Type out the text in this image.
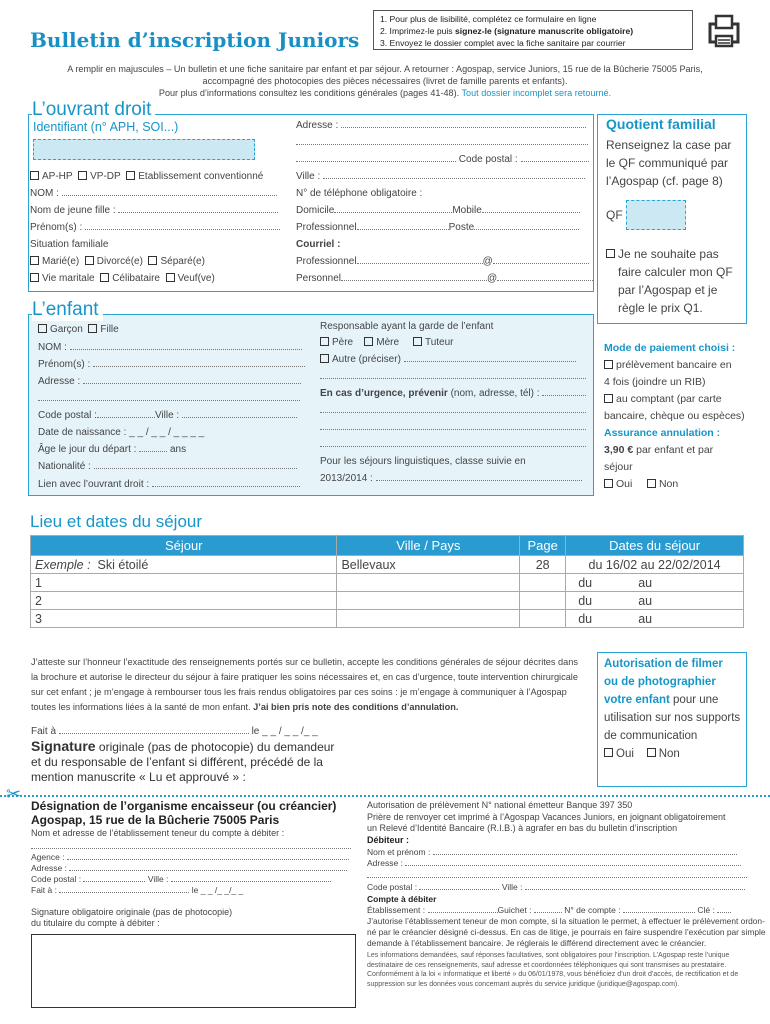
Bulletin d’inscription Juniors
1. Pour plus de lisibilité, complétez ce formulaire en ligne
2. Imprimez-le puis signez-le (signature manuscrite obligatoire)
3. Envoyez le dossier complet avec la fiche sanitaire par courrier
A remplir en majuscules – Un bulletin et une fiche sanitaire par enfant et par séjour. A retourner : Agospap, service Juniors, 15 rue de la Bûcherie 75005 Paris,
accompagné des photocopies des pièces nécessaires (livret de famille parents et enfants).
Pour plus d’informations consultez les conditions générales (pages 41-48). Tout dossier incomplet sera retourné.
L’ouvrant droit
Identifiant (n° APH, SOI...)
AP-HP VP-DP Etablissement conventionné
NOM :
Nom de jeune fille :
Prénom(s) :
Situation familiale
Marié(e) Divorcé(e) Séparé(e)
Vie maritale Célibataire Veuf(ve)
Adresse :
Code postal :
Ville :
N° de téléphone obligatoire :
Domicile	Mobile
Professionnel	Poste
Courriel :
Professionnel	@
Personnel	@
Quotient familial
Renseignez la case par
le QF communiqué par
l’Agospap (cf. page 8)
QF
Je ne souhaite pas
faire calculer mon QF
par l’Agospap et je
règle le prix Q1.
Mode de paiement choisi :
prélèvement bancaire en
4 fois (joindre un RIB)
au comptant (par carte
bancaire, chèque ou espèces)
Assurance annulation :
3,90 € par enfant et par
séjour
Oui	Non
L’enfant
Garçon Fille
NOM :
Prénom(s) :
Adresse :
Code postal :	Ville :
Date de naissance : _ _ / _ _ / _ _ _ _
Âge le jour du départ :	ans
Nationalité :
Lien avec l’ouvrant droit :
Responsable ayant la garde de l’enfant
Père Mère	Tuteur
Autre (préciser)
En cas d’urgence, prévenir (nom, adresse, tél) :
Pour les séjours linguistiques, classe suivie en
2013/2014 :
Lieu et dates du séjour
Séjour	Ville / Pays	Page	Dates du séjour
Exemple : Ski étoilé	Bellevaux	28	du 16/02 au 22/02/2014
1			du au
2			du au
3			du au
J’atteste sur l’honneur l’exactitude des renseignements portés sur ce bulletin, accepte les conditions générales de séjour décrites dans
la brochure et autorise le directeur du séjour à faire pratiquer les soins nécessaires et, en cas d’urgence, toute intervention chirurgicale
sur cet enfant ; je m’engage à rembourser tous les frais rendus obligatoires par ces soins : je m’engage à communiquer à l’Agospap
toutes les informations liées à la santé de mon enfant. J’ai bien pris note des conditions d’annulation.
Fait à	le _ _ / _ _ /_ _
Signature originale (pas de photocopie) du demandeur
et du responsable de l’enfant si différent, précédé de la
mention manuscrite « Lu et approuvé » :
Autorisation de filmer
ou de photographier
votre enfant pour une
utilisation sur nos supports
de communication
Oui Non
✂
Désignation de l’organisme encaisseur (ou créancier)
Agospap, 15 rue de la Bûcherie 75005 Paris
Nom et adresse de l’établissement teneur du compte à débiter :
Agence :
Adresse :
Code postal :	Ville :
Fait à :	le _ _ /_ _/_ _
Signature obligatoire originale (pas de photocopie)
du titulaire du compte à débiter :
Autorisation de prélèvement N° national émetteur Banque 397 350
Prière de renvoyer cet imprimé à l’Agospap Vacances Juniors, en joignant obligatoirement
un Relevé d’Identité Bancaire (R.I.B.) à agrafer en bas du bulletin d’inscription
Débiteur :
Nom et prénom :
Adresse :
Code postal :	Ville :
Compte à débiter
Établissement :	Guichet :	N° de compte :	Clé :
J’autorise l’établissement teneur de mon compte, si la situation le permet, à effectuer le prélèvement ordon-
né par le créancier désigné ci-dessus. En cas de litige, je pourrais en faire suspendre l’exécution par simple
demande à l’établissement bancaire. Je réglerais le différend directement avec le créancier.
Les informations demandées, sauf réponses facultatives, sont obligatoires pour l’inscription. L’Agospap reste l’unique
destinataire de ces renseignements, sauf adresse et coordonnées téléphoniques qui sont transmises au prestataire.
Conformément à la loi « informatique et liberté » du 06/01/1978, vous bénéficiez d’un droit d’accès, de rectification et de
suppression sur les données vous concernant auprès du service juridique (juridique@agospap.com).
